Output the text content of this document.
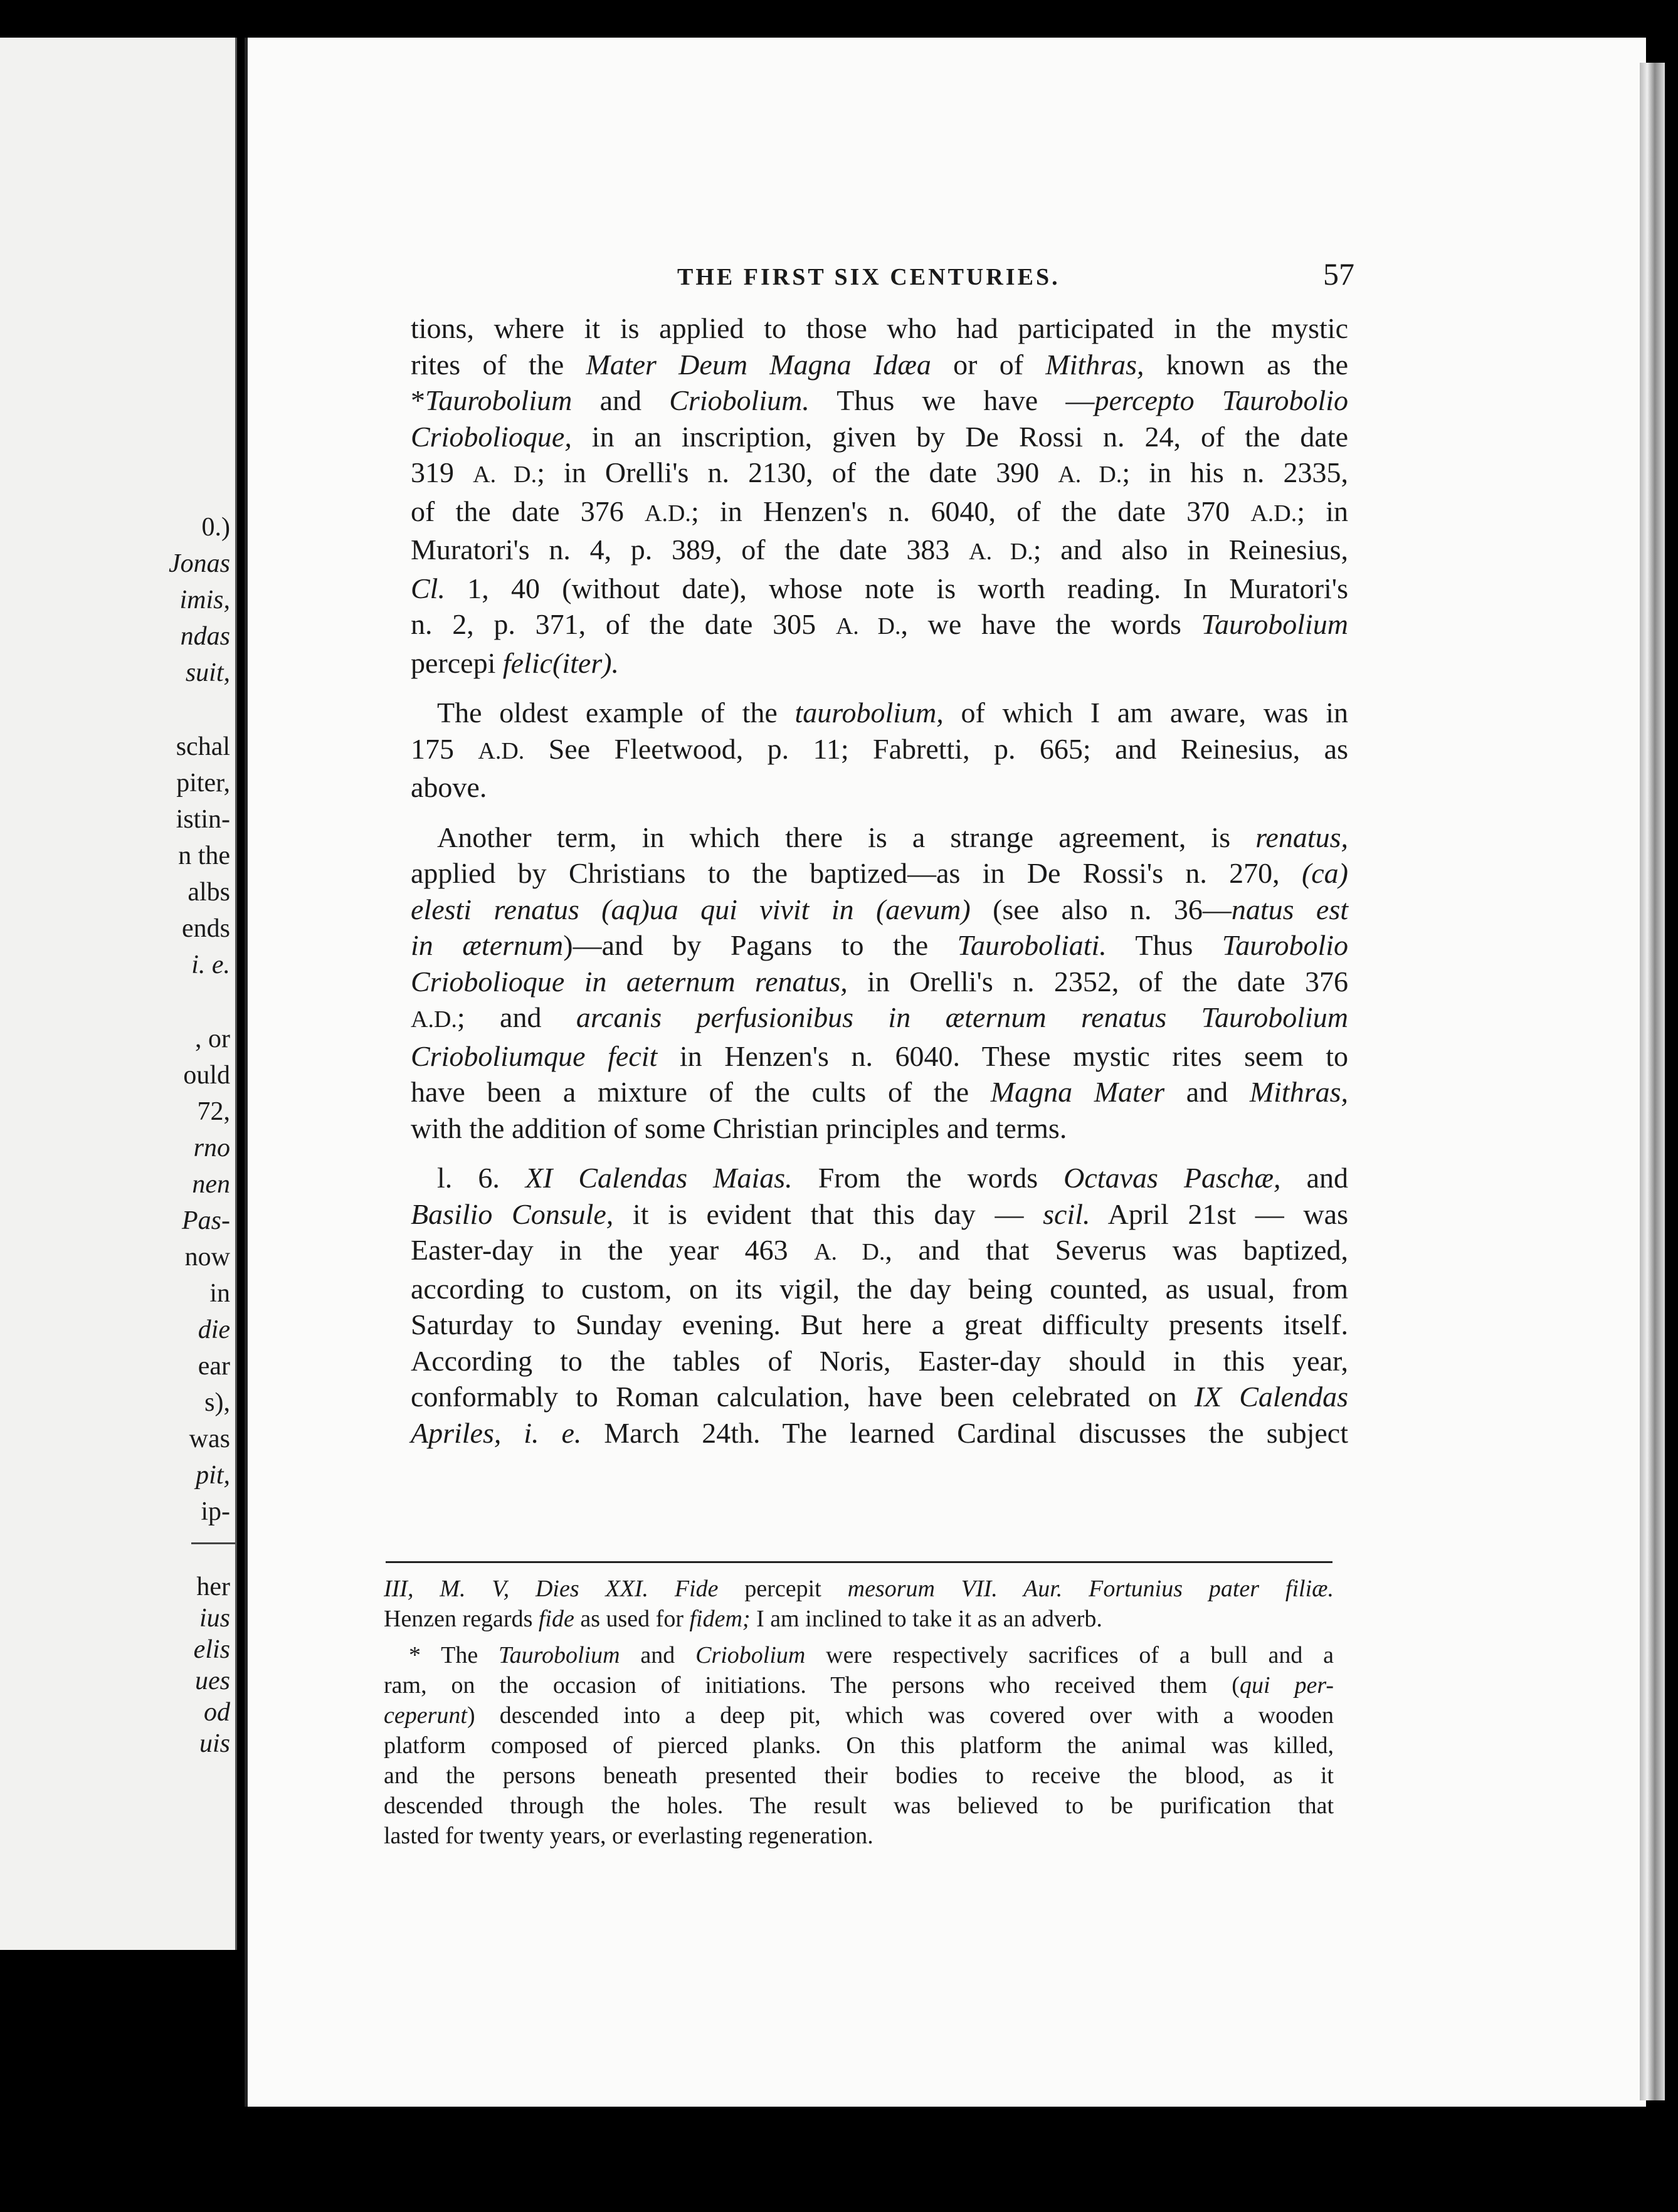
0.)
Jonas
imis,
ndas
suit,
schal
piter,
istin-
n the
albs
ends
i. e.
, or
ould
72,
rno
nen
Pas-
now
in
die
ear
s),
was
pit,
ip-
her
ius
elis
ues
od
uis
THE FIRST SIX CENTURIES.	57
tions, where it is applied to those who had participated in the mystic
rites of the Mater Deum Magna Idæa or of Mithras, known as the
*Taurobolium and Criobolium. Thus we have —percepto Taurobolio
Criobolioque, in an inscription, given by De Rossi n. 24, of the date
319 A. D.; in Orelli's n. 2130, of the date 390 A. D.; in his n. 2335,
of the date 376 A.D.; in Henzen's n. 6040, of the date 370 A.D.; in
Muratori's n. 4, p. 389, of the date 383 A. D.; and also in Reinesius,
Cl. 1, 40 (without date), whose note is worth reading. In Muratori's
n. 2, p. 371, of the date 305 A. D., we have the words Taurobolium
percepi felic(iter).
The oldest example of the taurobolium, of which I am aware, was in
175 A.D. See Fleetwood, p. 11; Fabretti, p. 665; and Reinesius, as
above.
Another term, in which there is a strange agreement, is renatus,
applied by Christians to the baptized—as in De Rossi's n. 270, (ca)
elesti renatus (aq)ua qui vivit in (aevum) (see also n. 36—natus est
in æternum)—and by Pagans to the Tauroboliati. Thus Taurobolio
Criobolioque in aeternum renatus, in Orelli's n. 2352, of the date 376
A.D.; and arcanis perfusionibus in æternum renatus Taurobolium
Crioboliumque fecit in Henzen's n. 6040. These mystic rites seem to
have been a mixture of the cults of the Magna Mater and Mithras,
with the addition of some Christian principles and terms.
l. 6. XI Calendas Maias. From the words Octavas Paschæ, and
Basilio Consule, it is evident that this day — scil. April 21st — was
Easter-day in the year 463 A. D., and that Severus was baptized,
according to custom, on its vigil, the day being counted, as usual, from
Saturday to Sunday evening. But here a great difficulty presents itself.
According to the tables of Noris, Easter-day should in this year,
conformably to Roman calculation, have been celebrated on IX Calendas
Apriles, i. e. March 24th. The learned Cardinal discusses the subject
III, M. V, Dies XXI. Fide percepit mesorum VII. Aur. Fortunius pater filiæ.
Henzen regards fide as used for fidem; I am inclined to take it as an adverb.
* The Taurobolium and Criobolium were respectively sacrifices of a bull and a
ram, on the occasion of initiations. The persons who received them (qui per-
ceperunt) descended into a deep pit, which was covered over with a wooden
platform composed of pierced planks. On this platform the animal was killed,
and the persons beneath presented their bodies to receive the blood, as it
descended through the holes. The result was believed to be purification that
lasted for twenty years, or everlasting regeneration.
